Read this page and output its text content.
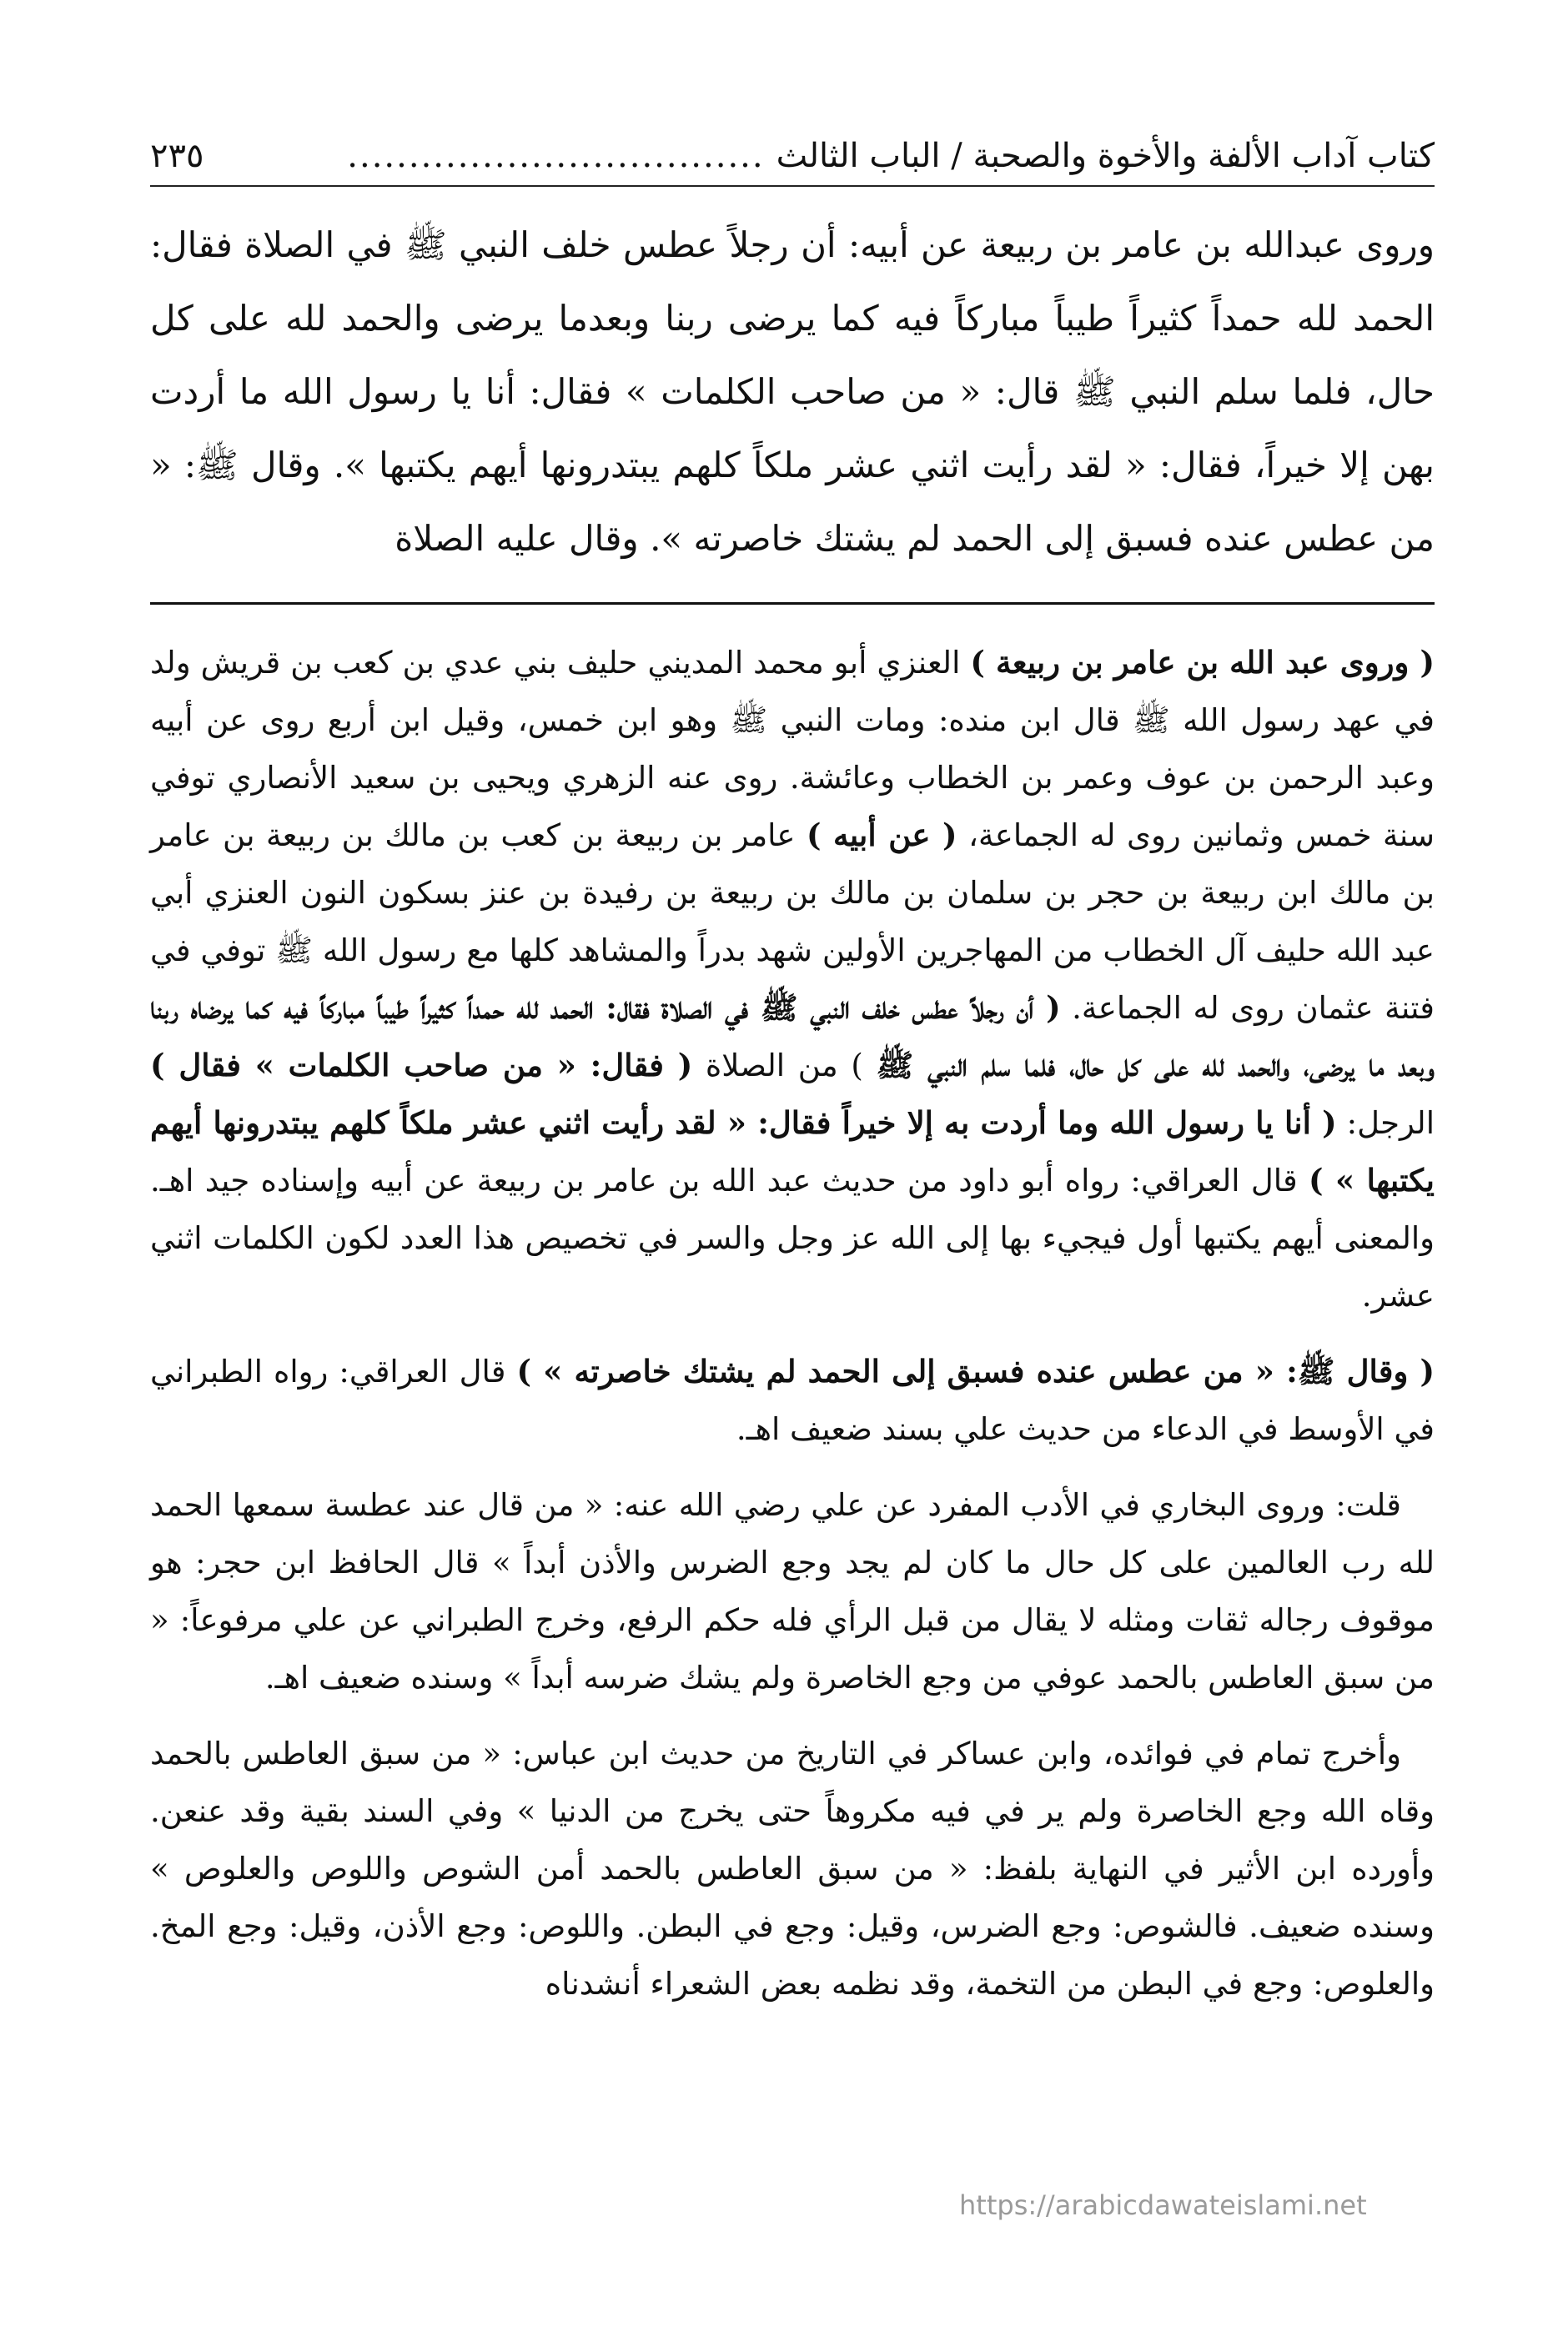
كتاب آداب الألفة والأخوة والصحبة / الباب الثالث
..................................
٢٣٥

وروى عبدالله بن عامر بن ربيعة عن أبيه: أن رجلاً عطس خلف النبي ﷺ في الصلاة فقال: الحمد لله حمداً كثيراً طيباً مباركاً فيه كما يرضى ربنا وبعدما يرضى والحمد لله على كل حال، فلما سلم النبي ﷺ قال: « من صاحب الكلمات » فقال: أنا يا رسول الله ما أردت بهن إلا خيراً، فقال: « لقد رأيت اثني عشر ملكاً كلهم يبتدرونها أيهم يكتبها ». وقال ﷺ: « من عطس عنده فسبق إلى الحمد لم يشتك خاصرته ». وقال عليه الصلاة

( وروى عبد الله بن عامر بن ربيعة ) العنزي أبو محمد المديني حليف بني عدي بن كعب بن قريش ولد في عهد رسول الله ﷺ قال ابن منده: ومات النبي ﷺ وهو ابن خمس، وقيل ابن أربع روى عن أبيه وعبد الرحمن بن عوف وعمر بن الخطاب وعائشة. روى عنه الزهري ويحيى بن سعيد الأنصاري توفي سنة خمس وثمانين روى له الجماعة، ( عن أبيه ) عامر بن ربيعة بن كعب بن مالك بن ربيعة بن عامر بن مالك ابن ربيعة بن حجر بن سلمان بن مالك بن ربيعة بن رفيدة بن عنز بسكون النون العنزي أبي عبد الله حليف آل الخطاب من المهاجرين الأولين شهد بدراً والمشاهد كلها مع رسول الله ﷺ توفي في فتنة عثمان روى له الجماعة. ( أن رجلاً عطس خلف النبي ﷺ في الصلاة فقال: الحمد لله حمداً كثيراً طيباً مباركاً فيه كما يرضاه ربنا وبعد ما يرضى، والحمد لله على كل حال، فلما سلم النبي ﷺ ) من الصلاة ( فقال: « من صاحب الكلمات » فقال ) الرجل: ( أنا يا رسول الله وما أردت به إلا خيراً فقال: « لقد رأيت اثني عشر ملكاً كلهم يبتدرونها أيهم يكتبها » ) قال العراقي: رواه أبو داود من حديث عبد الله بن عامر بن ربيعة عن أبيه وإسناده جيد اهـ. والمعنى أيهم يكتبها أول فيجيء بها إلى الله عز وجل والسر في تخصيص هذا العدد لكون الكلمات اثني عشر.

( وقال ﷺ: « من عطس عنده فسبق إلى الحمد لم يشتك خاصرته » ) قال العراقي: رواه الطبراني في الأوسط في الدعاء من حديث علي بسند ضعيف اهـ.

قلت: وروى البخاري في الأدب المفرد عن علي رضي الله عنه: « من قال عند عطسة سمعها الحمد لله رب العالمين على كل حال ما كان لم يجد وجع الضرس والأذن أبداً » قال الحافظ ابن حجر: هو موقوف رجاله ثقات ومثله لا يقال من قبل الرأي فله حكم الرفع، وخرج الطبراني عن علي مرفوعاً: « من سبق العاطس بالحمد عوفي من وجع الخاصرة ولم يشك ضرسه أبداً » وسنده ضعيف اهـ.

وأخرج تمام في فوائده، وابن عساكر في التاريخ من حديث ابن عباس: « من سبق العاطس بالحمد وقاه الله وجع الخاصرة ولم ير في فيه مكروهاً حتى يخرج من الدنيا » وفي السند بقية وقد عنعن. وأورده ابن الأثير في النهاية بلفظ: « من سبق العاطس بالحمد أمن الشوص واللوص والعلوص » وسنده ضعيف. فالشوص: وجع الضرس، وقيل: وجع في البطن. واللوص: وجع الأذن، وقيل: وجع المخ. والعلوص: وجع في البطن من التخمة، وقد نظمه بعض الشعراء أنشدناه

https://arabicdawateislami.net
